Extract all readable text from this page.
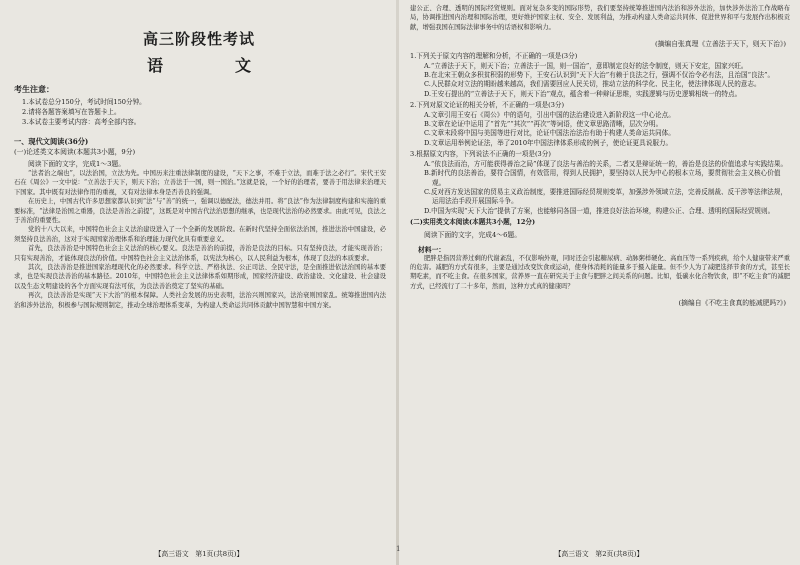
高三阶段性考试
语　文
考生注意：
1.本试卷总分150分，考试时间150分钟。
2.请将各题答案填写在答题卡上。
3.本试卷主要考试内容：高考全部内容。
一、现代文阅读(36分)
(一)论述类文本阅读(本题共3小题，9分)
阅读下面的文字，完成1～3题。

“法者治之端也”，以法治国，立法为先。中国历来注重法律制度的建设，“天下之事，不难于立法，而难于法之必行”。宋代王安石在《周公》一文中说：“立善法于天下，则天下治；立善法于一国，则一国治。”这就是说，一个好的治理者，要善于用法律来治理天下国家。其中既有对法律作用的重视，又有对法律本身是否善良的强调。

在历史上，中国古代许多思想家都认识到“法”与“善”的统一，强调以德配法，德法并用。将“良法”作为法律制度构建和实施的重要标准，“法律是治国之重器，良法是善治之前提”，这既是对中国古代法治思想的继承，也是现代法治的必然要求。由此可见，良法之于善治的重要性。

党的十八大以来，中国特色社会主义法治建设进入了一个全新的发展阶段。在新时代坚持全面依法治国，推进法治中国建设，必须坚持良法善治，这对于实现国家治理体系和治理能力现代化具有重要意义。

首先，良法善治是中国特色社会主义法治的核心要义。良法是善治的前提，善治是良法的目标。只有坚持良法，才能实现善治；只有实现善治，才能体现良法的价值。中国特色社会主义法治体系，以宪法为核心，以人民利益为根本，体现了良法的本质要求。

其次，良法善治是推进国家治理现代化的必然要求。科学立法、严格执法、公正司法、全民守法，是全面推进依法治国的基本要求，也是实现良法善治的基本路径。2010年，中国特色社会主义法律体系如期形成，国家经济建设、政治建设、文化建设、社会建设以及生态文明建设的各个方面实现有法可依，为良法善治奠定了坚实的基础。

再次，良法善治是实现“天下大治”的根本保障。人类社会发展的历史表明，法治兴则国家兴，法治衰则国家乱。统筹推进国内法治和涉外法治，积极参与国际规则制定，推动全球治理体系变革，为构建人类命运共同体贡献中国智慧和中国方案。

【高三语文　第1页(共8页)】
1

建公正、合理、透明的国际经贸规则。面对复杂多变的国际形势，我们要坚持统筹推进国内法治和涉外法治，加快涉外法治工作战略布局，协调推进国内治理和国际治理，更好维护国家主权、安全、发展利益，为推动构建人类命运共同体、促进世界和平与发展作出积极贡献，增强我国在国际法律事务中的话语权和影响力。

(摘编自张真理《立善法于天下，则天下治》)
1.下列关于原文内容的理解和分析，不正确的一项是(3分)
A.“立善法于天下，则天下治；立善法于一国，则一国治”，意即制定良好的法令制度，则天下安定，国家兴旺。
B.在北宋王朝众多积贫积弱的形势下，王安石认识到“天下大治”有赖于良法之行，强调不仅治令必有法，且治国“良法”。
C.人民群众对立法的期盼越来越高，我们需要回应人民关切，推动立法的科学化、民主化，使法律体现人民的意志。
D.王安石提出的“立善法于天下，则天下治”观点，蕴含着一种辩证思维，实践逻辑与历史逻辑相统一的特点。
2.下列对原文论证的相关分析，不正确的一项是(3分)
A.文章引用王安石《周公》中的语句，引出中国的法治建设进入新阶段这一中心论点。
B.文章在论证中运用了“首先”“其次”“再次”等词语，使文章思路清晰，层次分明。
C.文章末段将中国与美国等进行对比，论证中国法治法治有助于构建人类命运共同体。
D.文章运用举例论证法，举了2010年中国法律体系形成的例子，使论证更具说服力。
3.根据原文内容，下列说法不正确的一项是(3分)
A.“依良法而治，方可能获得善治之局”体现了良法与善治的关系，二者又是辩证统一的，善治是良法的价值追求与实践结果。
B.新时代的良法善治，要符合国情，有效管用，得到人民拥护，要坚持以人民为中心的根本立场，要贯彻社会主义核心价值观。
C.反对西方发达国家的贸易主义政治制度，要推进国际经贸规则变革，加强涉外领域立法，完善反制裁、反干涉等法律法规，运用法治手段开展国际斗争。
D.中国为实现“天下大治”提供了方案，也能够同各国一道，推进良好法治环境，构建公正、合理、透明的国际经贸规则。
(二)实用类文本阅读(本题共3小题，12分)
阅读下面的文字，完成4～6题。
材料一：

肥胖是指因营养过剩的代谢紊乱，不仅影响外观，同时还会引起糖尿病、动脉粥样硬化、高血压等一系列疾病，给个人健康带来严重的危害。减肥的方式有很多，主要是通过改变饮食或运动，使身体消耗的能量多于摄入能量。但不少人为了减肥选择节食的方式，甚至长期吃素，而不吃主食。在很多国家，营养界一直在研究关于主食与肥胖之间关系的问题。比如，低碳水化合物饮食，即“不吃主食”的减肥方式，已经流行了二十多年，然而，这种方式真的健康吗？

(摘编自《不吃主食真的能减肥吗?》)
【高三语文　第2页(共8页)】
